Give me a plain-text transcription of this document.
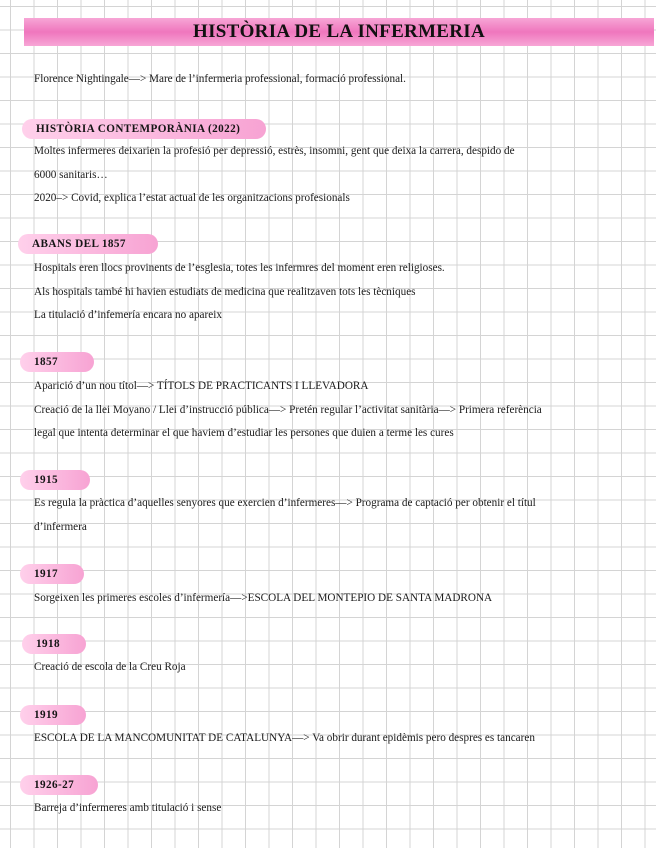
HISTÒRIA DE LA INFERMERIA

Florence Nightingale—> Mare de l’infermeria professional, formació professional.

HISTÒRIA CONTEMPORÀNIA (2022)

Moltes infermeres deixarien la profesió per depressió, estrès, insomni, gent que deixa la carrera, despido de

6000 sanitaris…

2020–> Covid, explica l’estat actual de les organitzacions profesionals

ABANS DEL 1857

Hospitals eren llocs provinents de l’esglesia, totes les infermres del moment eren religioses.

Als hospitals també hi havien estudiats de medicina que realitzaven tots les tècniques

La titulació d’infemería encara no apareix

1857

Aparició d’un nou títol—> TÍTOLS DE PRACTICANTS I LLEVADORA

Creació de la llei Moyano / Llei d’instrucció pública—> Pretén regular l’activitat sanitària—> Primera referència

legal que intenta determinar el que haviem d’estudiar les persones que duien a terme les cures

1915

Es regula la pràctica d’aquelles senyores que exercien d’infermeres—> Programa de captació per obtenir el títul

d’infermera

1917

Sorgeixen les primeres escoles d’infermería—>ESCOLA DEL MONTEPIO DE SANTA MADRONA

1918

Creació de escola de la Creu Roja

1919

ESCOLA DE LA MANCOMUNITAT DE CATALUNYA—> Va obrir durant epidèmis pero despres es tancaren

1926-27

Barreja d’infermeres amb titulació i sense
